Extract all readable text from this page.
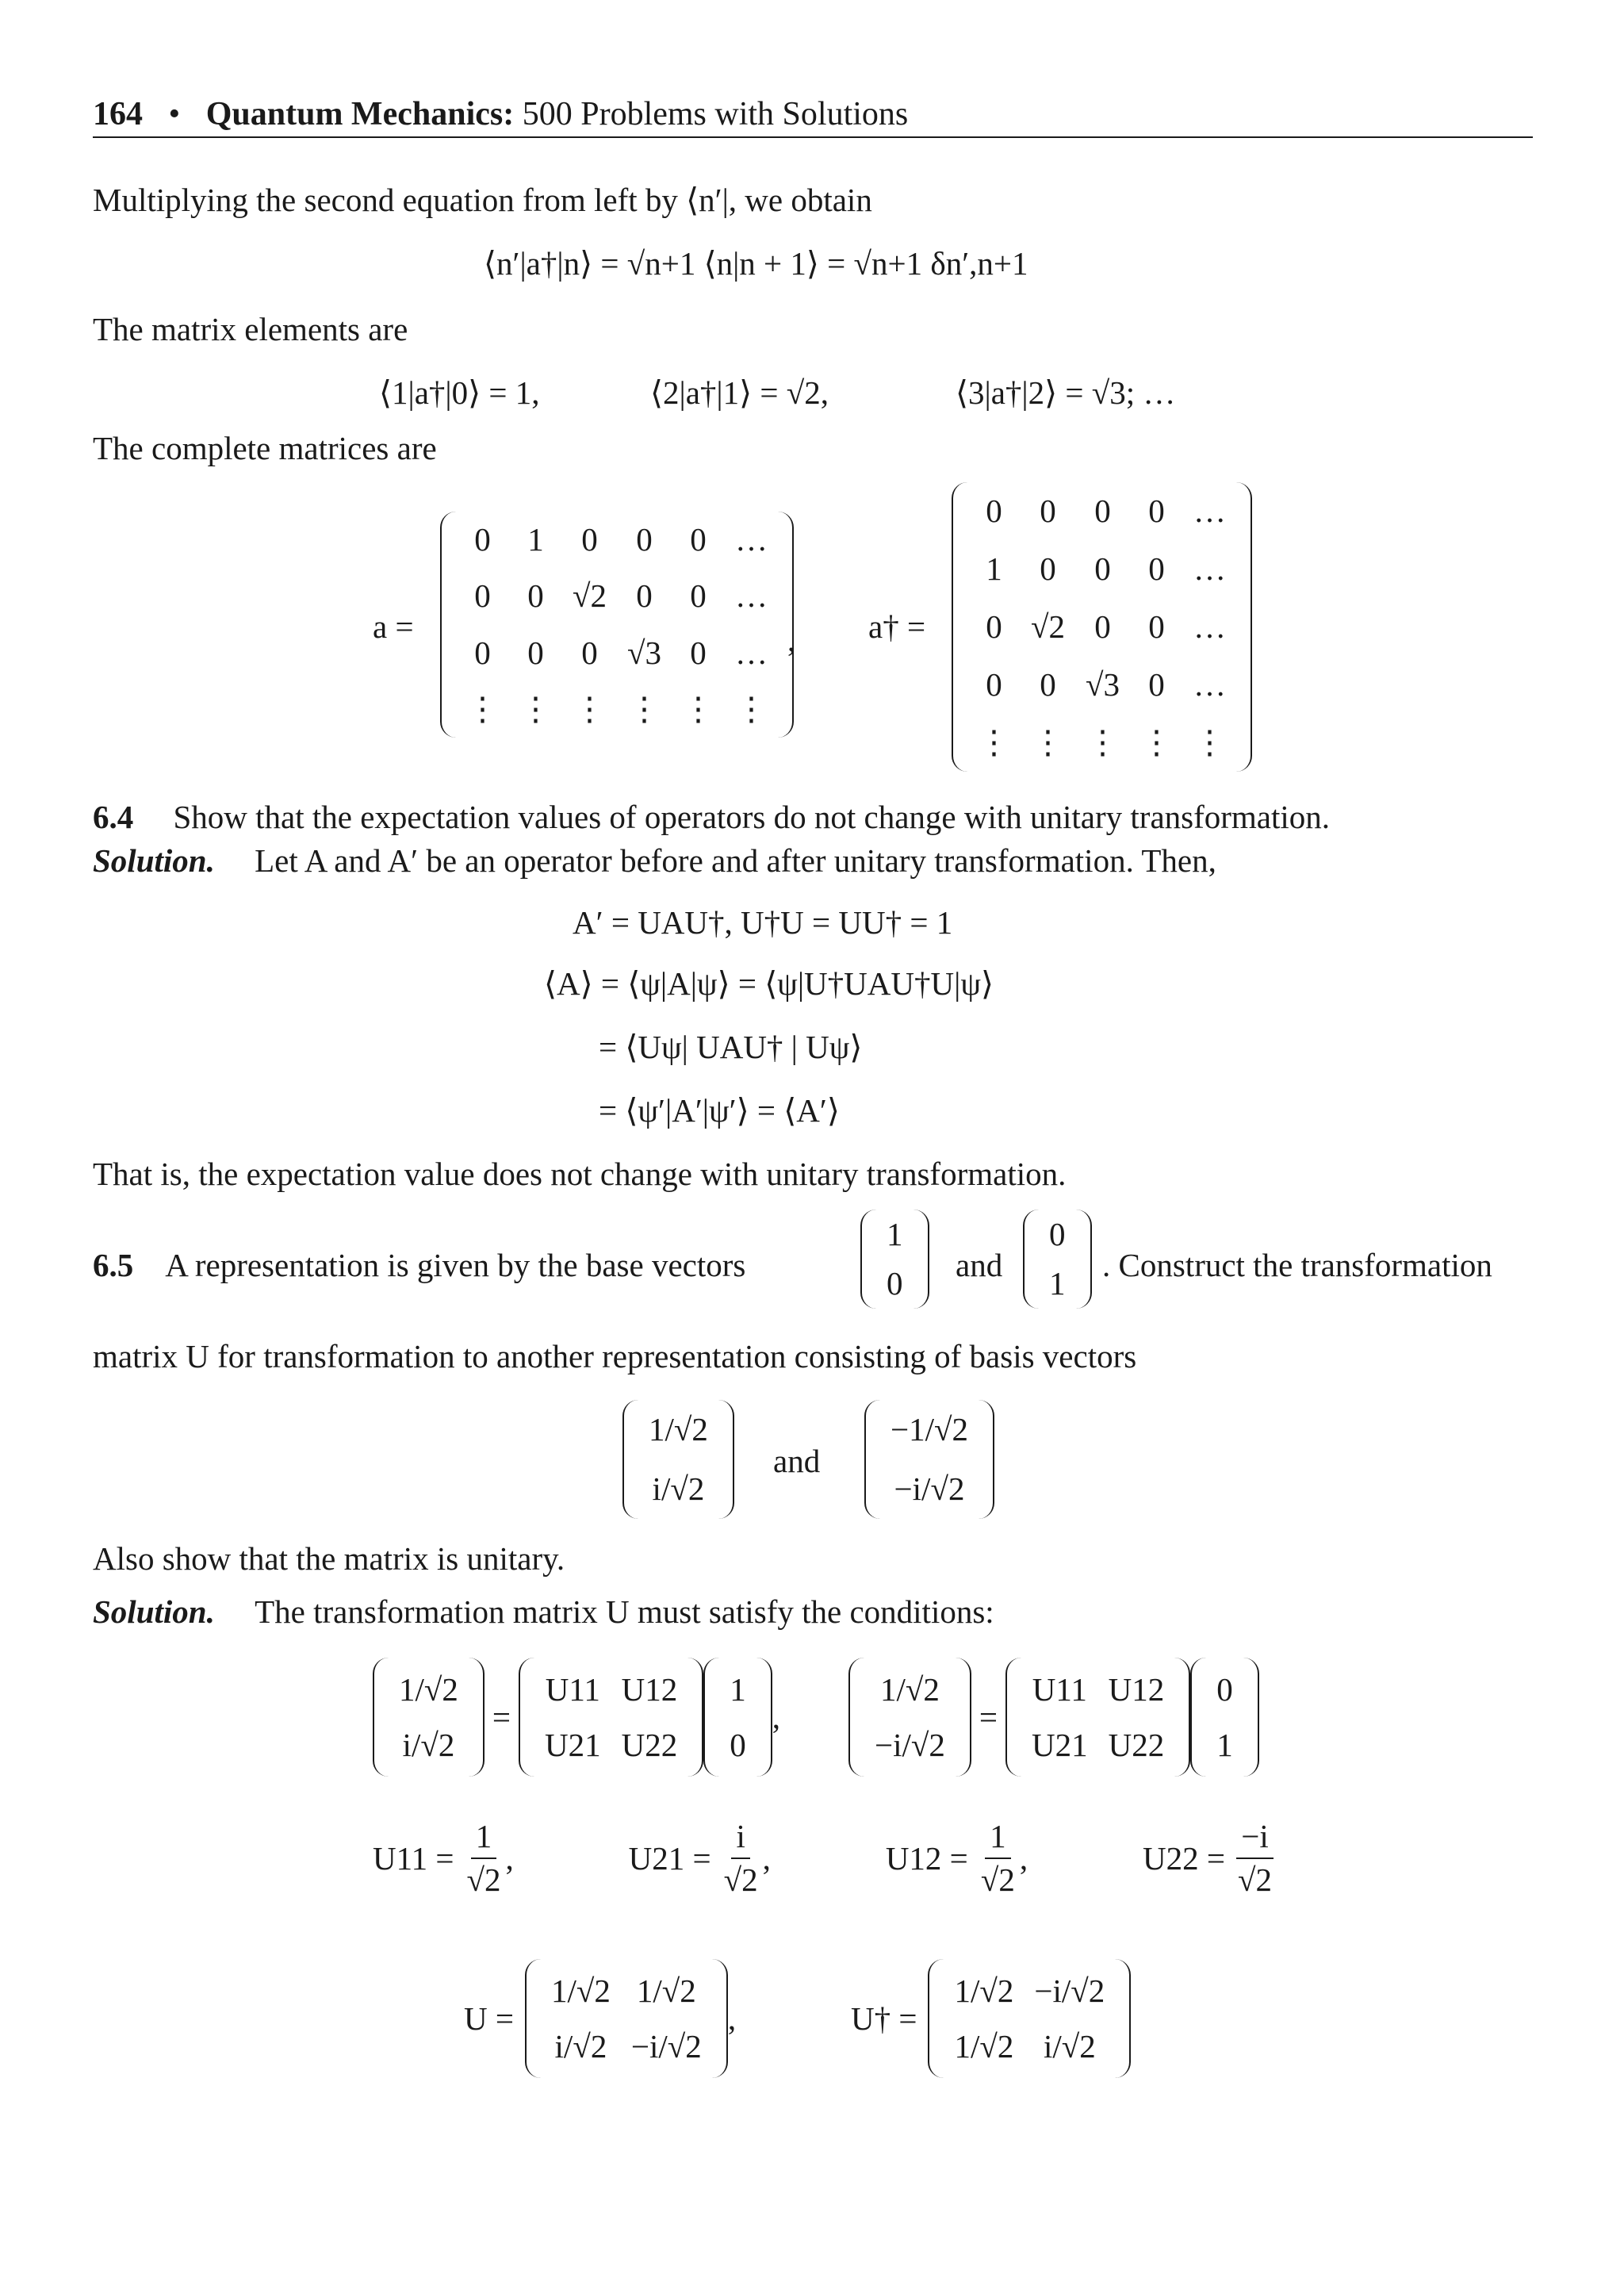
164 • Quantum Mechanics: 500 Problems with Solutions
Multiplying the second equation from left by ⟨n′|, we obtain
⟨n′|a†|n⟩ = √n+1 ⟨n|n + 1⟩ = √n+1 δn′,n+1
The matrix elements are
⟨1|a†|0⟩ = 1,	⟨2|a†|1⟩ = √2,	⟨3|a†|2⟩ = √3; …
The complete matrices are
a =
0	1	0	0	0	…
0	0	√2	0	0	…
0	0	0	√3	0	…
⋮	⋮	⋮	⋮	⋮	⋮
, a† =
0	0	0	0	…
1	0	0	0	…
0	√2	0	0	…
0	0	√3	0	…
⋮	⋮	⋮	⋮	⋮
6.4 Show that the expectation values of operators do not change with unitary transformation.
Solution. Let A and A′ be an operator before and after unitary transformation. Then,
A′ = UAU†, U†U = UU† = 1
⟨A⟩ = ⟨ψ|A|ψ⟩ = ⟨ψ|U†UAU†U|ψ⟩
= ⟨Uψ| UAU† | Uψ⟩
= ⟨ψ′|A′|ψ′⟩ = ⟨A′⟩
That is, the expectation value does not change with unitary transformation.
6.5 A representation is given by the base vectors
1
0
and
0
1
. Construct the transformation
matrix U for transformation to another representation consisting of basis vectors
1/√2
i/√2
and
−1/√2
−i/√2
Also show that the matrix is unitary.
Solution. The transformation matrix U must satisfy the conditions:
1/√2
i/√2
=
U11	U12
U21	U22
1
0
,
1/√2
−i/√2
=
U11	U12
U21	U22
0
1
$U11 = \frac{1}{√2}$ ,	$U21 = \frac{i}{√2}$ ,	$U12 = \frac{1}{√2}$ ,	$U22 = \frac{-i}{√2}$
U =
1/√2	1/√2
i/√2	−i/√2
,	U† =
1/√2	−i/√2
1/√2	i/√2
